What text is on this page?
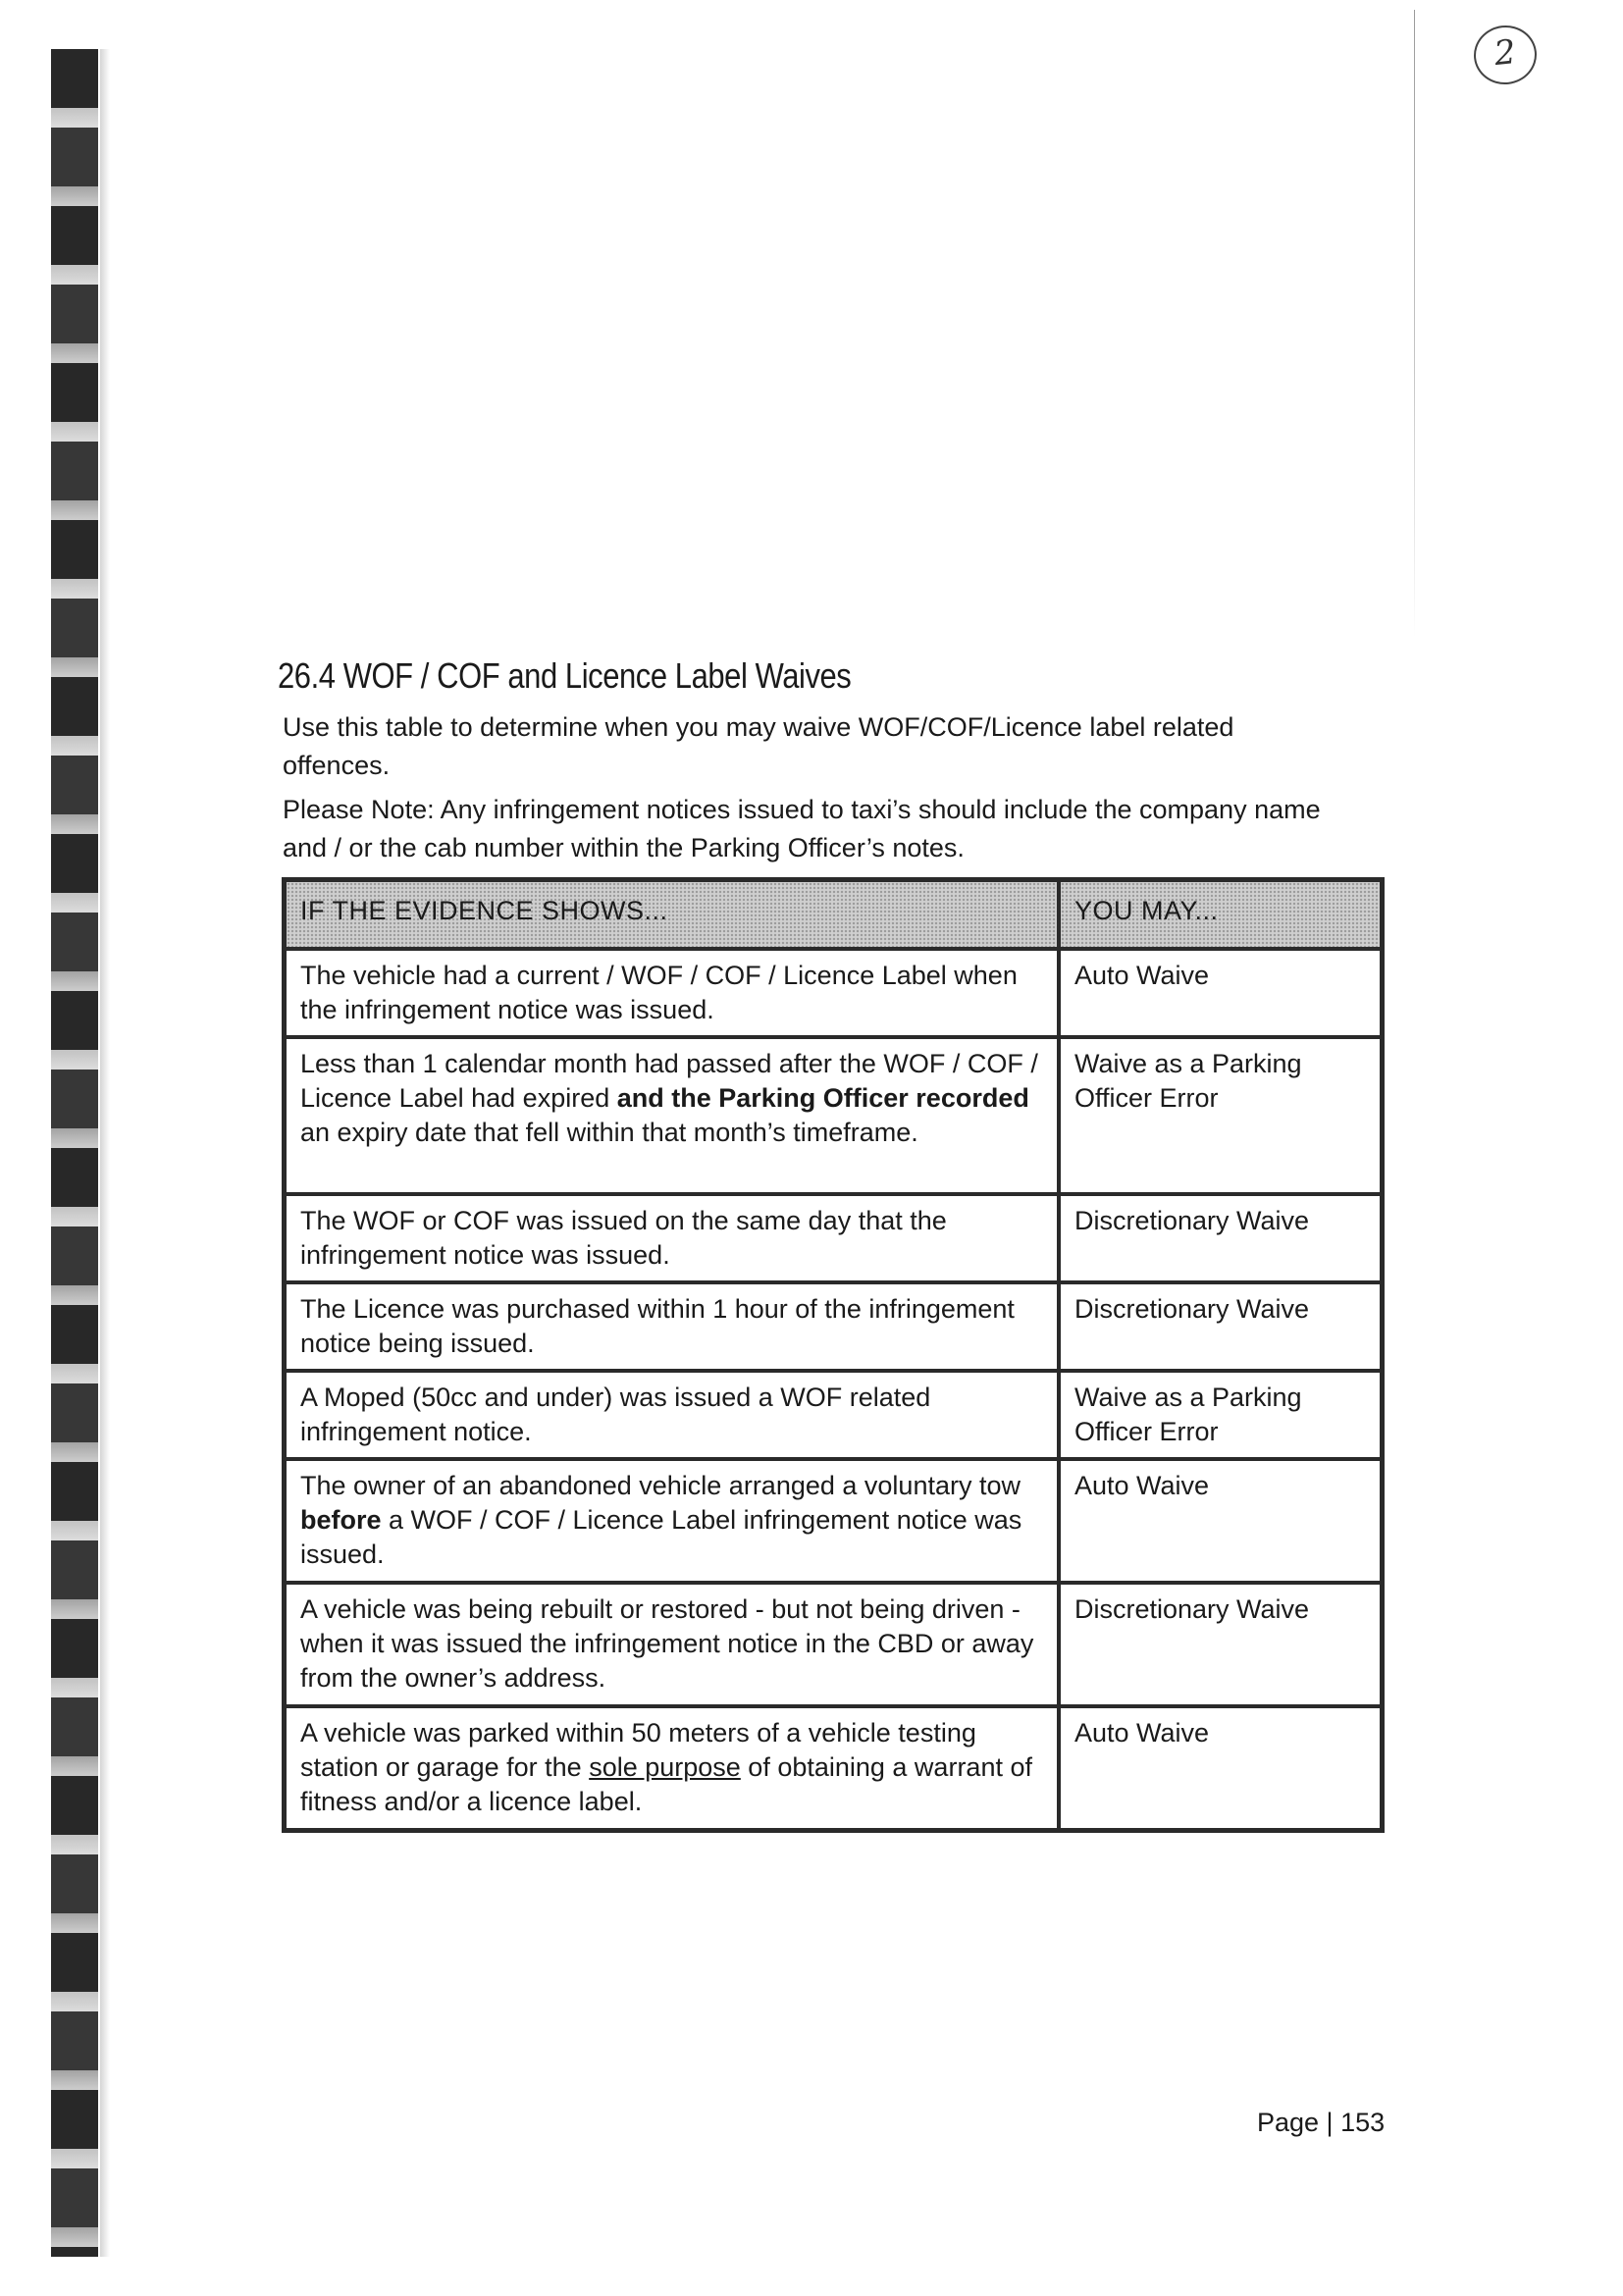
2
26.4 WOF / COF and Licence Label Waives

Use this table to determine when you may waive WOF/COF/Licence label related offences.

Please Note: Any infringement notices issued to taxi’s should include the company name and / or the cab number within the Parking Officer’s notes.

IF THE EVIDENCE SHOWS...	YOU MAY...
The vehicle had a current / WOF / COF / Licence Label when the infringement notice was issued.	Auto Waive
Less than 1 calendar month had passed after the WOF / COF / Licence Label had expired and the Parking Officer recorded an expiry date that fell within that month’s timeframe.	Waive as a Parking Officer Error
The WOF or COF was issued on the same day that the infringement notice was issued.	Discretionary Waive
The Licence was purchased within 1 hour of the infringement notice being issued.	Discretionary Waive
A Moped (50cc and under) was issued a WOF related infringement notice.	Waive as a Parking Officer Error
The owner of an abandoned vehicle arranged a voluntary tow before a WOF / COF / Licence Label infringement notice was issued.	Auto Waive
A vehicle was being rebuilt or restored - but not being driven - when it was issued the infringement notice in the CBD or away from the owner’s address.	Discretionary Waive
A vehicle was parked within 50 meters of a vehicle testing station or garage for the sole purpose of obtaining a warrant of fitness and/or a licence label.	Auto Waive
Page | 153
